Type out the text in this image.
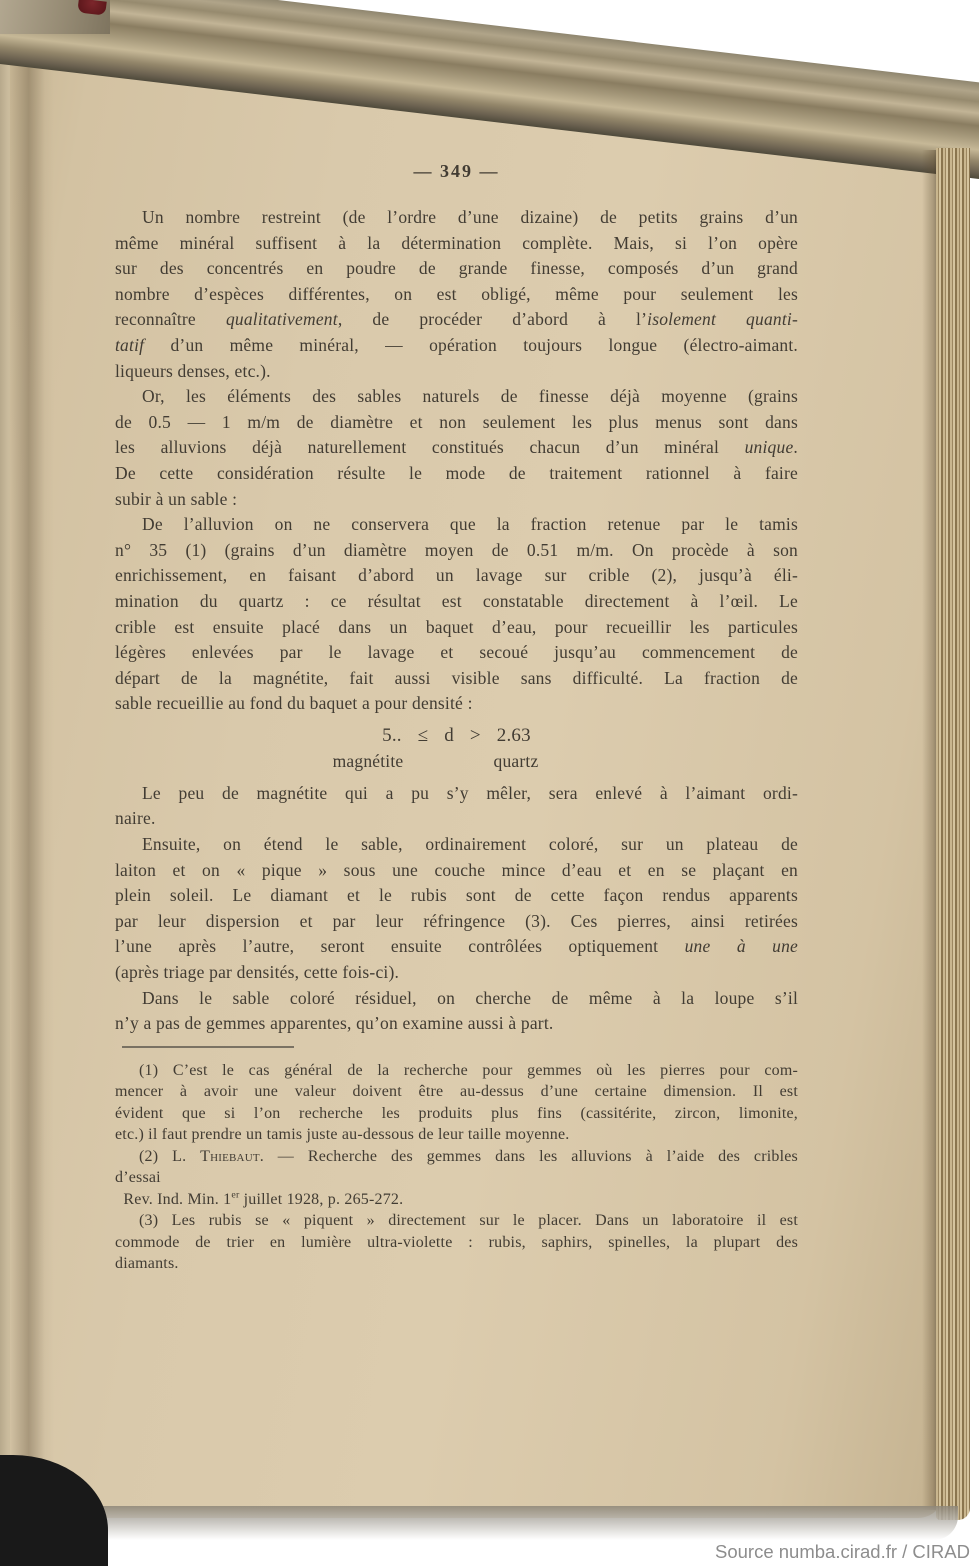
— 349 —
Un nombre restreint (de l’ordre d’une dizaine) de petits grains d’un
même minéral suffisent à la détermination complète. Mais, si l’on opère
sur des concentrés en poudre de grande finesse, composés d’un grand
nombre d’espèces différentes, on est obligé, même pour seulement les
reconnaître qualitativement, de procéder d’abord à l’isolement quanti-
tatif d’un même minéral, — opération toujours longue (électro-aimant.
liqueurs denses, etc.).
Or, les éléments des sables naturels de finesse déjà moyenne (grains
de 0.5 — 1 m/m de diamètre et non seulement les plus menus sont dans
les alluvions déjà naturellement constitués chacun d’un minéral unique.
De cette considération résulte le mode de traitement rationnel à faire
subir à un sable :
De l’alluvion on ne conservera que la fraction retenue par le tamis
n° 35 (1) (grains d’un diamètre moyen de 0.51 m/m. On procède à son
enrichissement, en faisant d’abord un lavage sur crible (2), jusqu’à éli-
mination du quartz : ce résultat est constatable directement à l’œil. Le
crible est ensuite placé dans un baquet d’eau, pour recueillir les particules
légères enlevées par le lavage et secoué jusqu’au commencement de
départ de la magnétite, fait aussi visible sans difficulté. La fraction de
sable recueillie au fond du baquet a pour densité :
5.. ≤ d > 2.63
magnétite	quartz
Le peu de magnétite qui a pu s’y mêler, sera enlevé à l’aimant ordi-
naire.
Ensuite, on étend le sable, ordinairement coloré, sur un plateau de
laiton et on « pique » sous une couche mince d’eau et en se plaçant en
plein soleil. Le diamant et le rubis sont de cette façon rendus apparents
par leur dispersion et par leur réfringence (3). Ces pierres, ainsi retirées
l’une après l’autre, seront ensuite contrôlées optiquement une à une
(après triage par densités, cette fois-ci).
Dans le sable coloré résiduel, on cherche de même à la loupe s’il
n’y a pas de gemmes apparentes, qu’on examine aussi à part.
(1) C’est le cas général de la recherche pour gemmes où les pierres pour com-
mencer à avoir une valeur doivent être au-dessus d’une certaine dimension. Il est
évident que si l’on recherche les produits plus fins (cassitérite, zircon, limonite,
etc.) il faut prendre un tamis juste au-dessous de leur taille moyenne.
(2) L. Thiebaut. — Recherche des gemmes dans les alluvions à l’aide des cribles
d’essai
Rev. Ind. Min. 1er juillet 1928, p. 265-272.
(3) Les rubis se « piquent » directement sur le placer. Dans un laboratoire il est
commode de trier en lumière ultra-violette : rubis, saphirs, spinelles, la plupart des
diamants.
Source numba.cirad.fr / CIRAD
